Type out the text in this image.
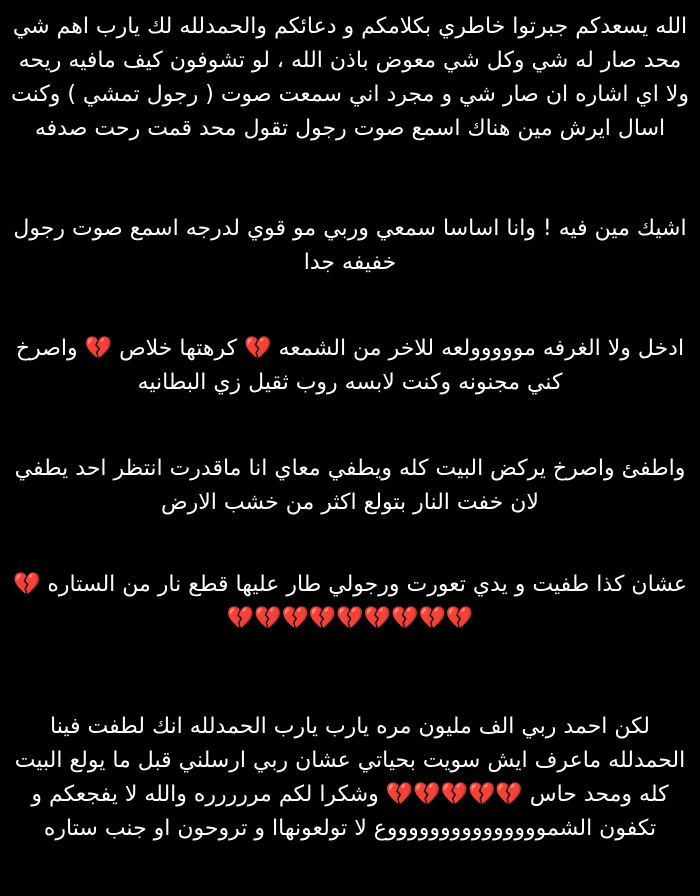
الله يسعدكم جبرتوا خاطري بكلامكم و دعائكم والحمدلله لك يارب اهم شي محد صار له شي وكل شي معوض باذن الله ، لو تشوفون كيف مافيه ريحه ولا اي اشاره ان صار شي و مجرد اني سمعت صوت ( رجول تمشي ) وكنت اسال ايرش مين هناك اسمع صوت رجول تقول محد قمت رحت صدفه

اشيك مين فيه ! وانا اساسا سمعي وربي مو قوي لدرجه اسمع صوت رجول خفيفه جدا

ادخل ولا الغرفه مووووولعه للاخر من الشمعه 💔 كرهتها خلاص 💔 واصرخ كني مجنونه وكنت لابسه روب ثقيل زي البطانيه

واطفئ واصرخ يركض البيت كله ويطفي معاي انا ماقدرت انتظر احد يطفي لان خفت النار بتولع اكثر من خشب الارض

عشان كذا طفيت و يدي تعورت ورجولي طار عليها قطع نار من الستاره 💔💔💔💔💔💔💔💔💔💔

لكن احمد ربي الف مليون مره يارب يارب الحمدلله انك لطفت فينا الحمدلله ماعرف ايش سويت بحياتي عشان ربي ارسلني قبل ما يولع البيت كله ومحد حاس 💔💔💔💔💔 وشكرا لكم مررررره والله لا يفجعكم و تكفون الشموووووووووووووووع لا تولعونهاا و تروحون او جنب ستاره
